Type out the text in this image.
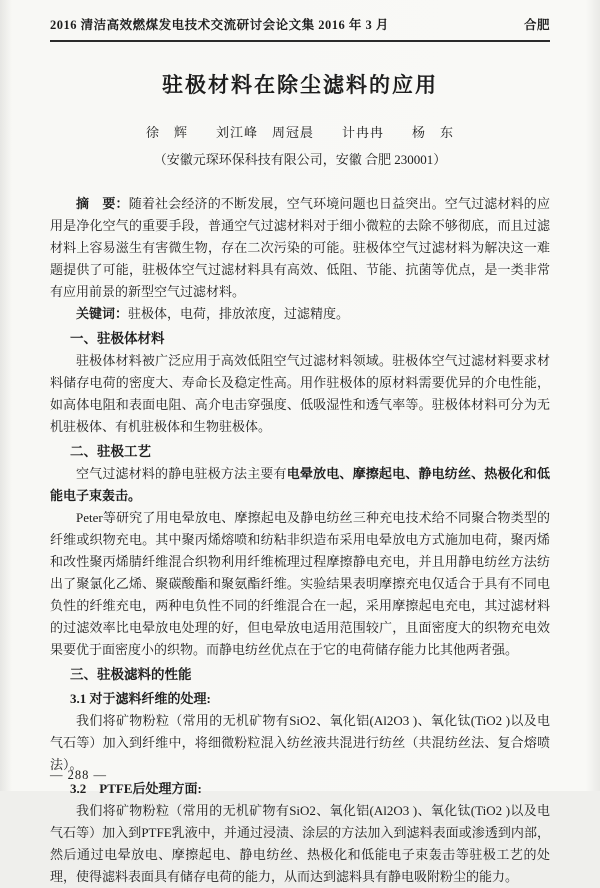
2016 清洁高效燃煤发电技术交流研讨会论文集 2016 年 3 月	合肥
驻极材料在除尘滤料的应用
徐　辉　　刘江峰　周冠晨　　计冉冉　　杨　东
（安徽元琛环保科技有限公司，安徽 合肥 230001）

摘　要：随着社会经济的不断发展，空气环境问题也日益突出。空气过滤材料的应用是净化空气的重要手段，普通空气过滤材料对于细小微粒的去除不够彻底，而且过滤材料上容易滋生有害微生物，存在二次污染的可能。驻极体空气过滤材料为解决这一难题提供了可能，驻极体空气过滤材料具有高效、低阻、节能、抗菌等优点，是一类非常有应用前景的新型空气过滤材料。

关键词：驻极体，电荷，排放浓度，过滤精度。

一、驻极体材料

驻极体材料被广泛应用于高效低阻空气过滤材料领域。驻极体空气过滤材料要求材料储存电荷的密度大、寿命长及稳定性高。用作驻极体的原材料需要优异的介电性能，如高体电阻和表面电阻、高介电击穿强度、低吸湿性和透气率等。驻极体材料可分为无机驻极体、有机驻极体和生物驻极体。

二、驻极工艺

空气过滤材料的静电驻极方法主要有电晕放电、摩擦起电、静电纺丝、热极化和低能电子束轰击。

Peter等研究了用电晕放电、摩擦起电及静电纺丝三种充电技术给不同聚合物类型的纤维或织物充电。其中聚丙烯熔喷和纺粘非织造布采用电晕放电方式施加电荷，聚丙烯和改性聚丙烯腈纤维混合织物利用纤维梳理过程摩擦静电充电，并且用静电纺丝方法纺出了聚氯化乙烯、聚碳酸酯和聚氨酯纤维。实验结果表明摩擦充电仅适合于具有不同电负性的纤维充电，两种电负性不同的纤维混合在一起，采用摩擦起电充电，其过滤材料的过滤效率比电晕放电处理的好，但电晕放电适用范围较广，且面密度大的织物充电效果要优于面密度小的织物。而静电纺丝优点在于它的电荷储存能力比其他两者强。

三、驻极滤料的性能
3.1 对于滤料纤维的处理:

我们将矿物粉粒（常用的无机矿物有SiO2、氧化铝(Al2O3 )、氧化钛(TiO2 )以及电气石等）加入到纤维中，将细微粉粒混入纺丝液共混进行纺丝（共混纺丝法、复合熔喷法）。

3.2　PTFE后处理方面:

我们将矿物粉粒（常用的无机矿物有SiO2、氧化铝(Al2O3 )、氧化钛(TiO2 )以及电气石等）加入到PTFE乳液中，并通过浸渍、涂层的方法加入到滤料表面或渗透到内部，然后通过电晕放电、摩擦起电、静电纺丝、热极化和低能电子束轰击等驻极工艺的处理，使得滤料表面具有储存电荷的能力，从而达到滤料具有静电吸附粉尘的能力。

— 288 —
